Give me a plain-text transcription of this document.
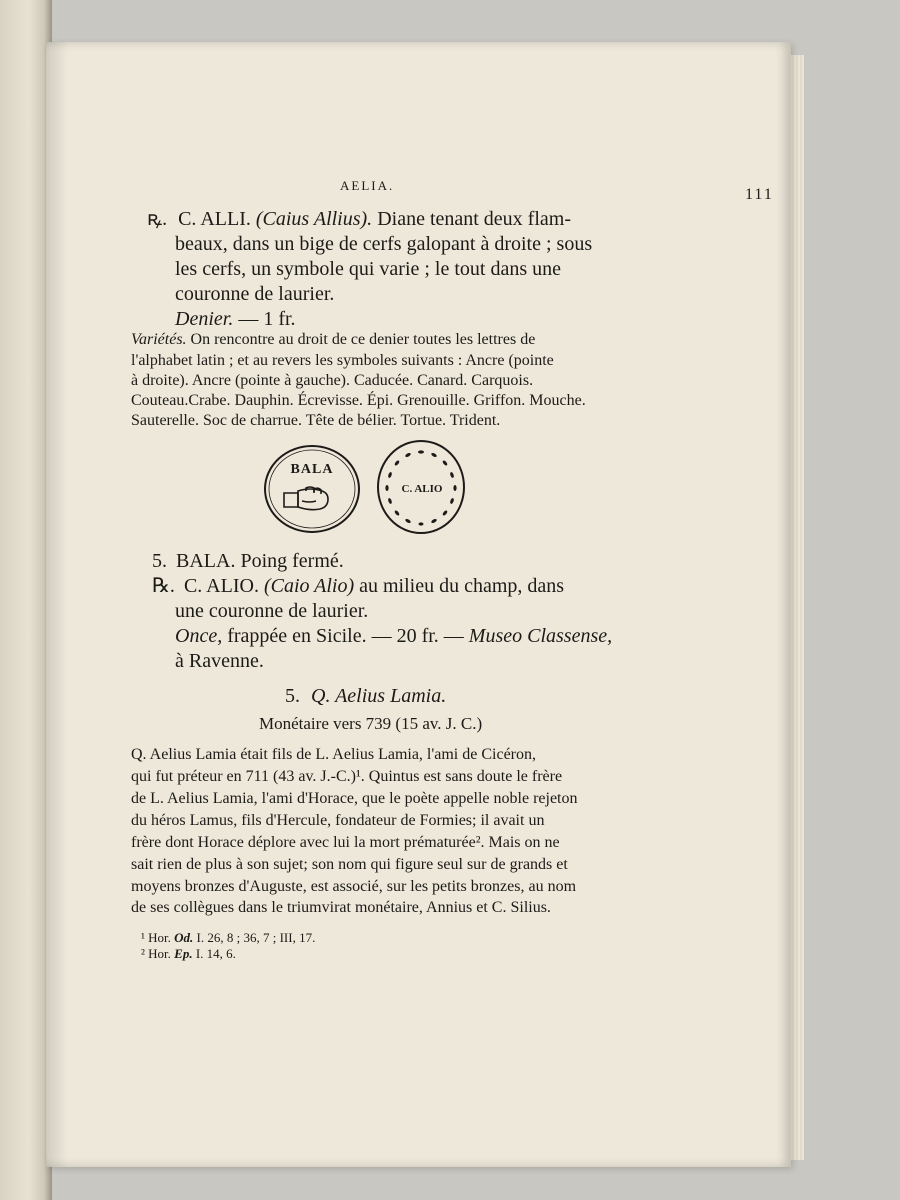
AELIA.
111
ꝶ. C. ALLI. (Caius Allius). Diane tenant deux flam-
beaux, dans un bige de cerfs galopant à droite ; sous
les cerfs, un symbole qui varie ; le tout dans une
couronne de laurier.
Denier. — 1 fr.
Variétés. On rencontre au droit de ce denier toutes les lettres de
l'alphabet latin ; et au revers les symboles suivants : Ancre (pointe
à droite). Ancre (pointe à gauche). Caducée. Canard. Carquois.
Couteau.Crabe. Dauphin. Écrevisse. Épi. Grenouille. Griffon. Mouche.
Sauterelle. Soc de charrue. Tête de bélier. Tortue. Trident.
BALA
C. ALIO
5. BALA. Poing fermé.
℞. C. ALIO. (Caio Alio) au milieu du champ, dans
une couronne de laurier.
Once, frappée en Sicile. — 20 fr. — Museo Classense,
à Ravenne.
5. Q. Aelius Lamia.
Monétaire vers 739 (15 av. J. C.)
Q. Aelius Lamia était fils de L. Aelius Lamia, l'ami de Cicéron,
qui fut préteur en 711 (43 av. J.-C.)¹. Quintus est sans doute le frère
de L. Aelius Lamia, l'ami d'Horace, que le poète appelle noble rejeton
du héros Lamus, fils d'Hercule, fondateur de Formies; il avait un
frère dont Horace déplore avec lui la mort prématurée². Mais on ne
sait rien de plus à son sujet; son nom qui figure seul sur de grands et
moyens bronzes d'Auguste, est associé, sur les petits bronzes, au nom
de ses collègues dans le triumvirat monétaire, Annius et C. Silius.
¹ Hor. Od. I. 26, 8 ; 36, 7 ; III, 17.
² Hor. Ep. I. 14, 6.
